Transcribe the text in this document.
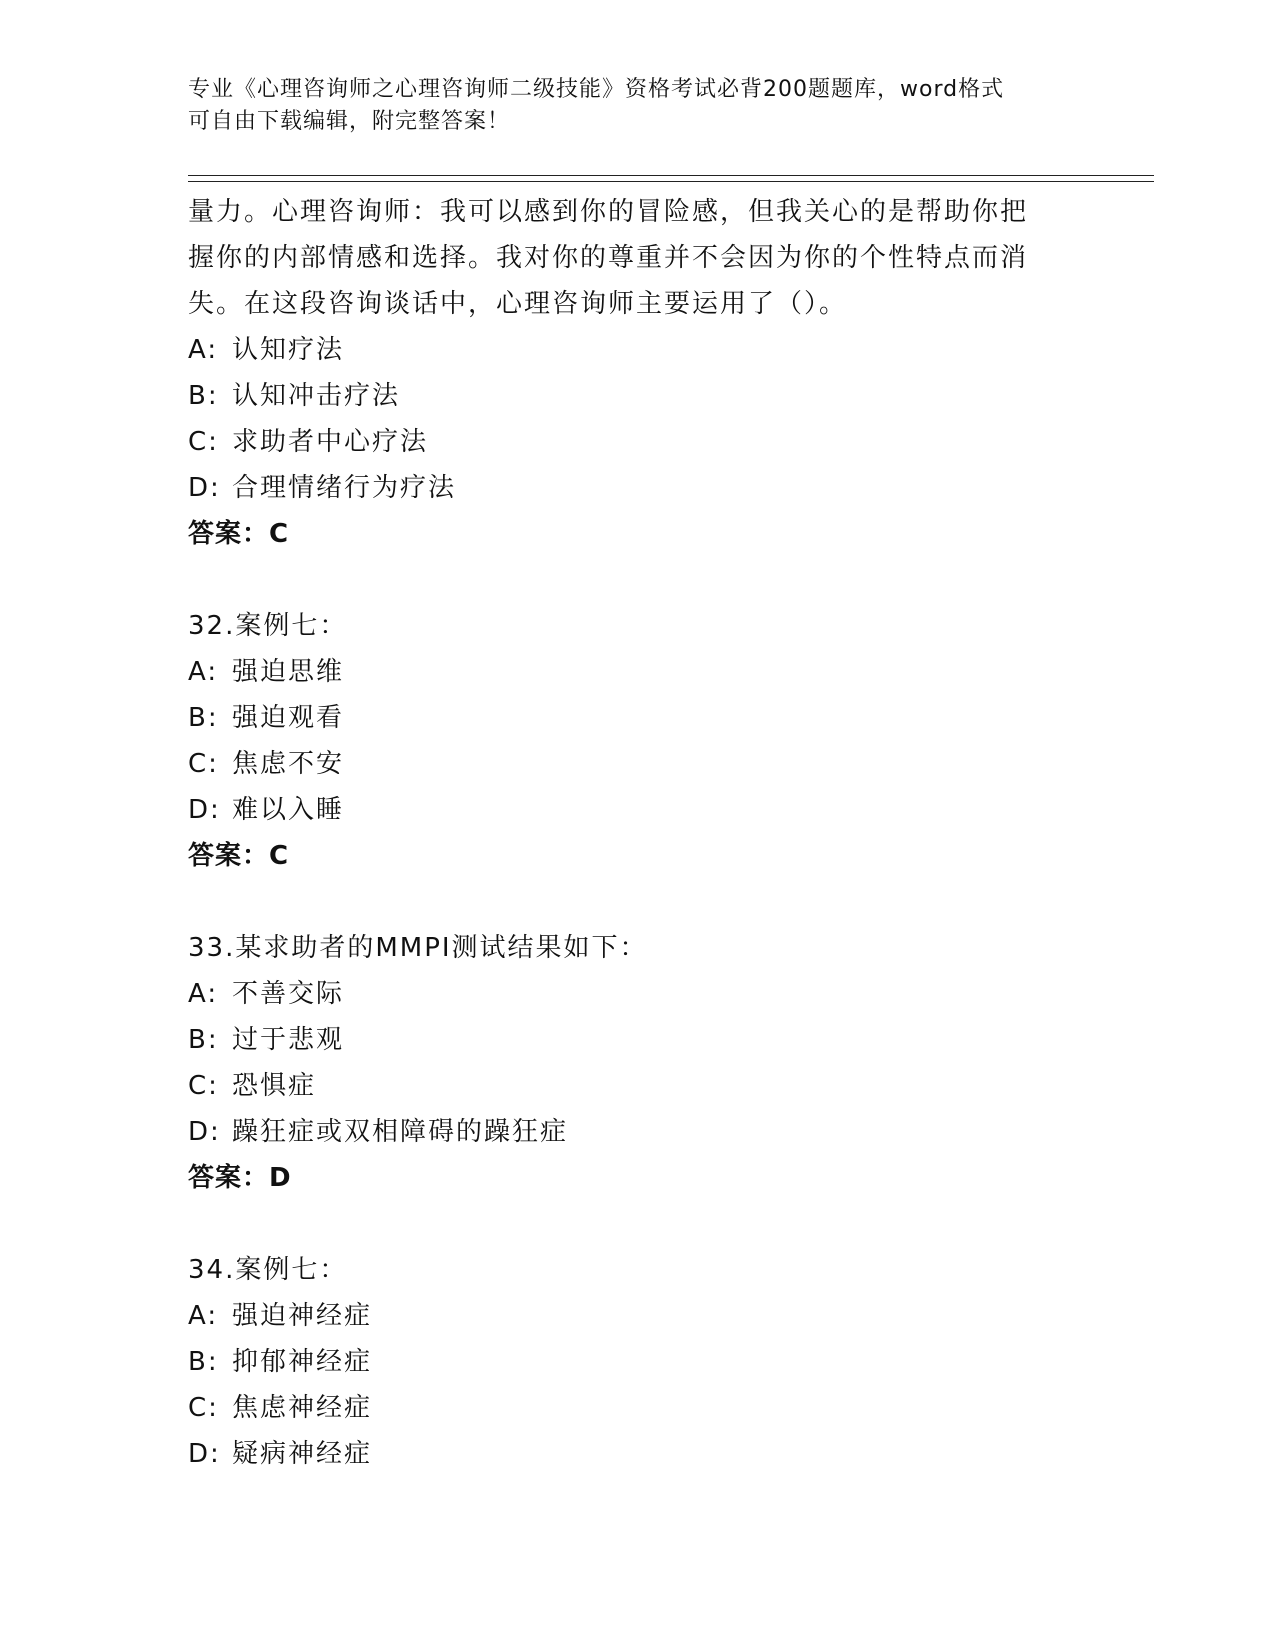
专业《心理咨询师之心理咨询师二级技能》资格考试必背200题题库，word格式
可自由下载编辑，附完整答案！
量力。心理咨询师：我可以感到你的冒险感，但我关心的是帮助你把
握你的内部情感和选择。我对你的尊重并不会因为你的个性特点而消
失。在这段咨询谈话中，心理咨询师主要运用了（）。
A: 认知疗法
B: 认知冲击疗法
C: 求助者中心疗法
D: 合理情绪行为疗法
答案：C
32.案例七：
A: 强迫思维
B: 强迫观看
C: 焦虑不安
D: 难以入睡
答案：C
33.某求助者的MMPI测试结果如下：
A: 不善交际
B: 过于悲观
C: 恐惧症
D: 躁狂症或双相障碍的躁狂症
答案：D
34.案例七：
A: 强迫神经症
B: 抑郁神经症
C: 焦虑神经症
D: 疑病神经症
